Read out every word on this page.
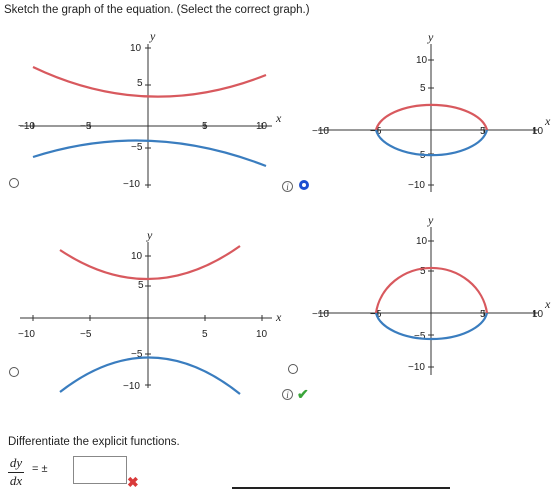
Sketch the graph of the equation. (Select the correct graph.)
y
x
10
5
−5
−10
−10	−5	5	10
y
x
10
5
−5
−10
−10	−5	5	10
i
y
x
10
5
−5
−10
−10	−5	5	10
y
x
10
5
−5
−10
−10	−5	5	10
i ✔
Differentiate the explicit functions.
$\frac{dy}{dx}$ = ±
✖
